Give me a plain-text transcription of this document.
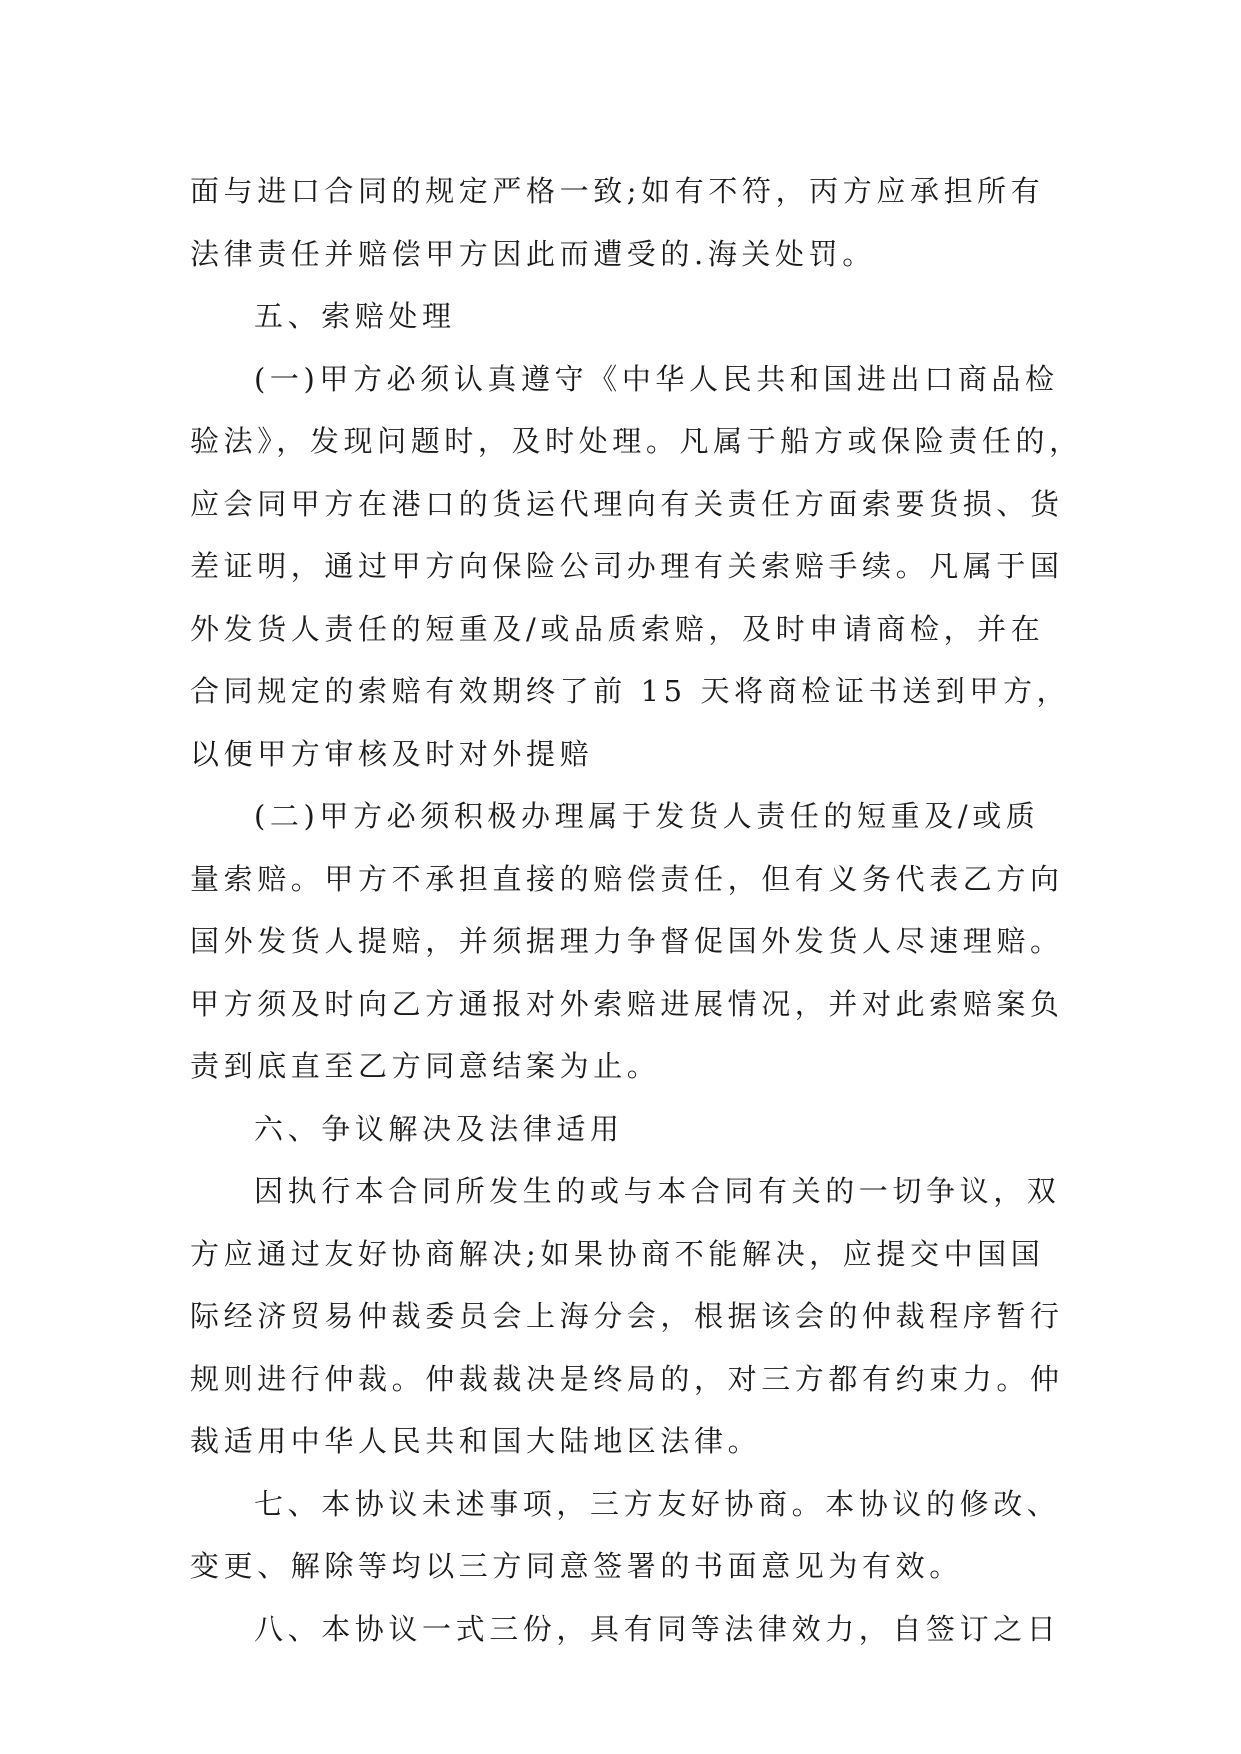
面与进口合同的规定严格一致;如有不符，丙方应承担所有
法律责任并赔偿甲方因此而遭受的.海关处罚。
五、索赔处理
(一)甲方必须认真遵守《中华人民共和国进出口商品检
验法》，发现问题时，及时处理。凡属于船方或保险责任的，
应会同甲方在港口的货运代理向有关责任方面索要货损、货
差证明，通过甲方向保险公司办理有关索赔手续。凡属于国
外发货人责任的短重及/或品质索赔，及时申请商检，并在
合同规定的索赔有效期终了前 15 天将商检证书送到甲方，
以便甲方审核及时对外提赔
(二)甲方必须积极办理属于发货人责任的短重及/或质
量索赔。甲方不承担直接的赔偿责任，但有义务代表乙方向
国外发货人提赔，并须据理力争督促国外发货人尽速理赔。
甲方须及时向乙方通报对外索赔进展情况，并对此索赔案负
责到底直至乙方同意结案为止。
六、争议解决及法律适用
因执行本合同所发生的或与本合同有关的一切争议，双
方应通过友好协商解决;如果协商不能解决，应提交中国国
际经济贸易仲裁委员会上海分会，根据该会的仲裁程序暂行
规则进行仲裁。仲裁裁决是终局的，对三方都有约束力。仲
裁适用中华人民共和国大陆地区法律。
七、本协议未述事项，三方友好协商。本协议的修改、
变更、解除等均以三方同意签署的书面意见为有效。
八、本协议一式三份，具有同等法律效力，自签订之日
